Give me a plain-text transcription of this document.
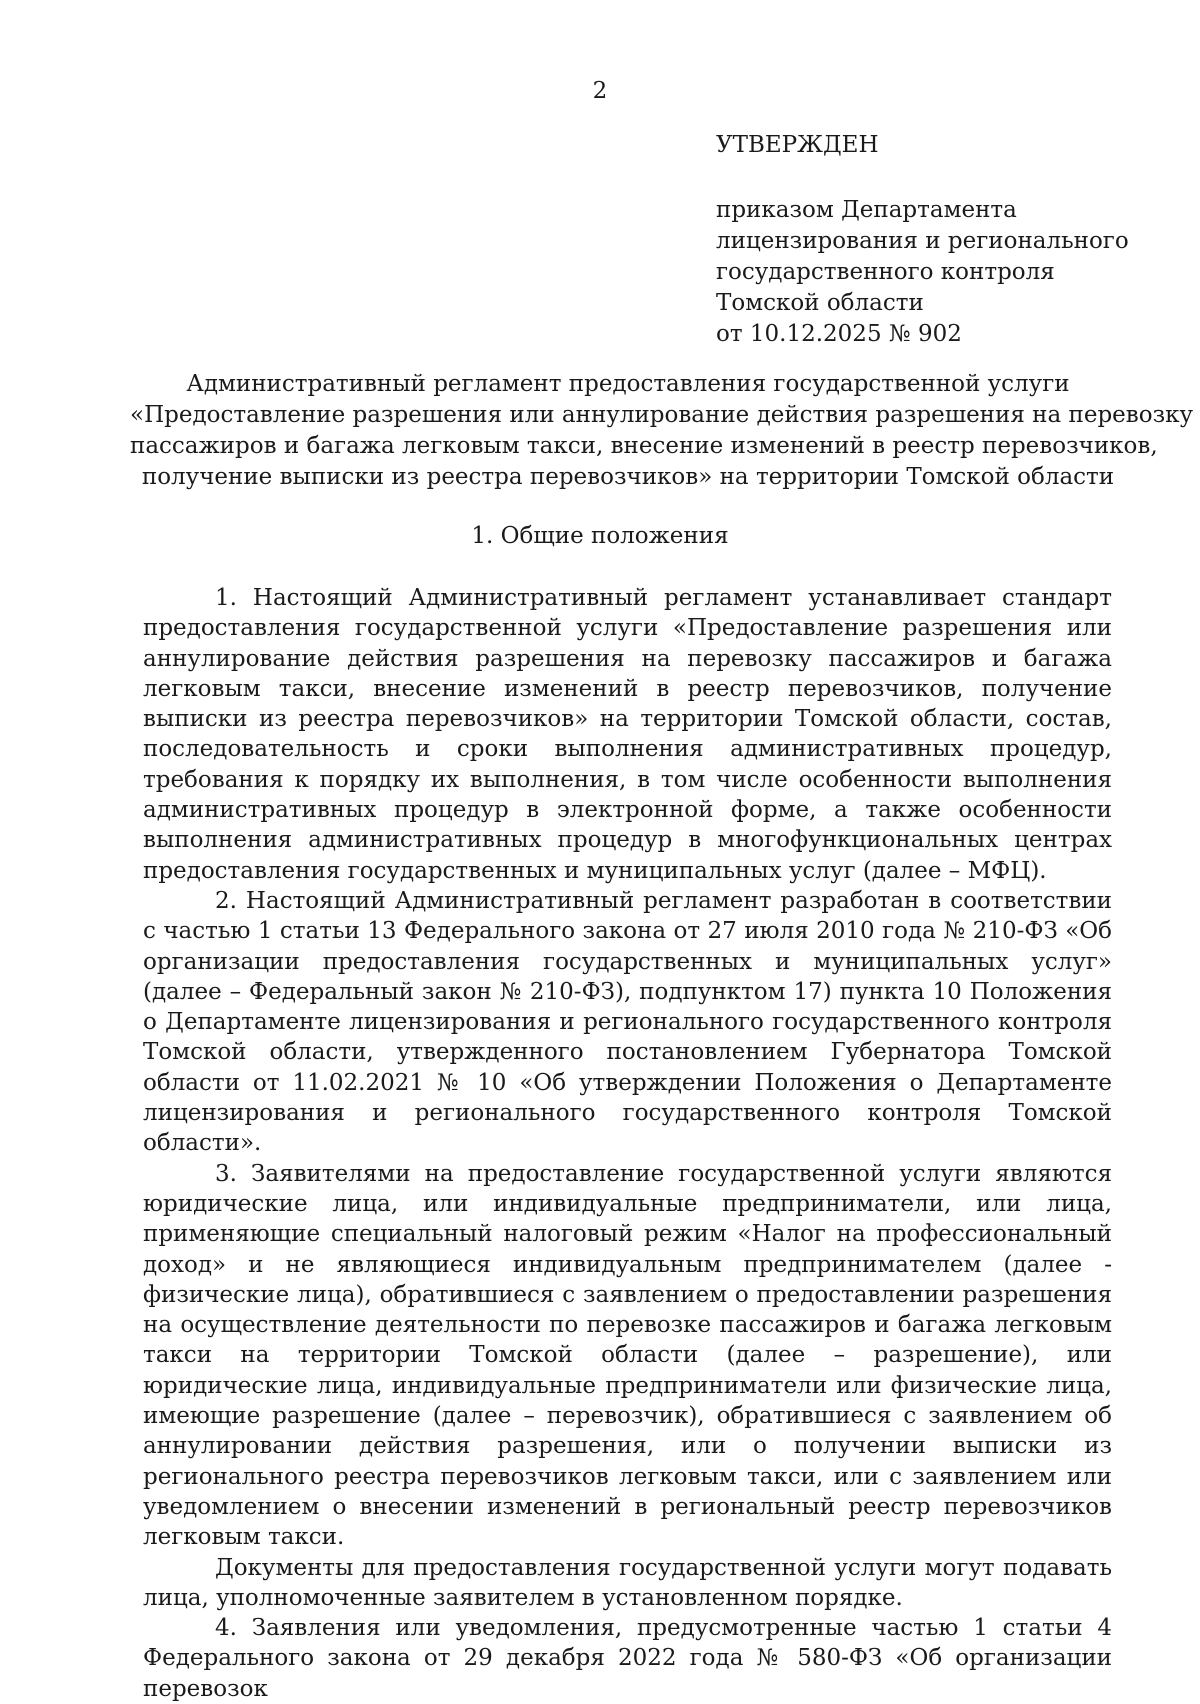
2
УТВЕРЖДЕН
приказом Департамента
лицензирования и регионального
государственного контроля
Томской области
от 10.12.2025 № 902
Административный регламент предоставления государственной услуги
«Предоставление разрешения или аннулирование действия разрешения на перевозку
пассажиров и багажа легковым такси, внесение изменений в реестр перевозчиков,
получение выписки из реестра перевозчиков» на территории Томской области
1. Общие положения

1. Настоящий Административный регламент устанавливает стандарт предоставления государственной услуги «Предоставление разрешения или аннулирование действия разрешения на перевозку пассажиров и багажа легковым такси, внесение изменений в реестр перевозчиков, получение выписки из реестра перевозчиков» на территории Томской области, состав, последовательность и сроки выполнения административных процедур, требования к порядку их выполнения, в том числе особенности выполнения административных процедур в электронной форме, а также особенности выполнения административных процедур в многофункциональных центрах предоставления государственных и муниципальных услуг (далее – МФЦ).

2. Настоящий Административный регламент разработан в соответствии с частью 1 статьи 13 Федерального закона от 27 июля 2010 года № 210-ФЗ «Об организации предоставления государственных и муниципальных услуг» (далее – Федеральный закон № 210-ФЗ), подпунктом 17) пункта 10 Положения о Департаменте лицензирования и регионального государственного контроля Томской области, утвержденного постановлением Губернатора Томской области от 11.02.2021 № 10 «Об утверждении Положения о Департаменте лицензирования и регионального государственного контроля Томской области».

3. Заявителями на предоставление государственной услуги являются юридические лица, или индивидуальные предприниматели, или лица, применяющие специальный налоговый режим «Налог на профессиональный доход» и не являющиеся индивидуальным предпринимателем (далее - физические лица), обратившиеся с заявлением о предоставлении разрешения на осуществление деятельности по перевозке пассажиров и багажа легковым такси на территории Томской области (далее – разрешение), или юридические лица, индивидуальные предприниматели или физические лица, имеющие разрешение (далее – перевозчик), обратившиеся с заявлением об аннулировании действия разрешения, или о получении выписки из регионального реестра перевозчиков легковым такси, или с заявлением или уведомлением о внесении изменений в региональный реестр перевозчиков легковым такси.

Документы для предоставления государственной услуги могут подавать лица, уполномоченные заявителем в установленном порядке.

4. Заявления или уведомления, предусмотренные частью 1 статьи 4 Федерального закона от 29 декабря 2022 года № 580-ФЗ «Об организации перевозок
